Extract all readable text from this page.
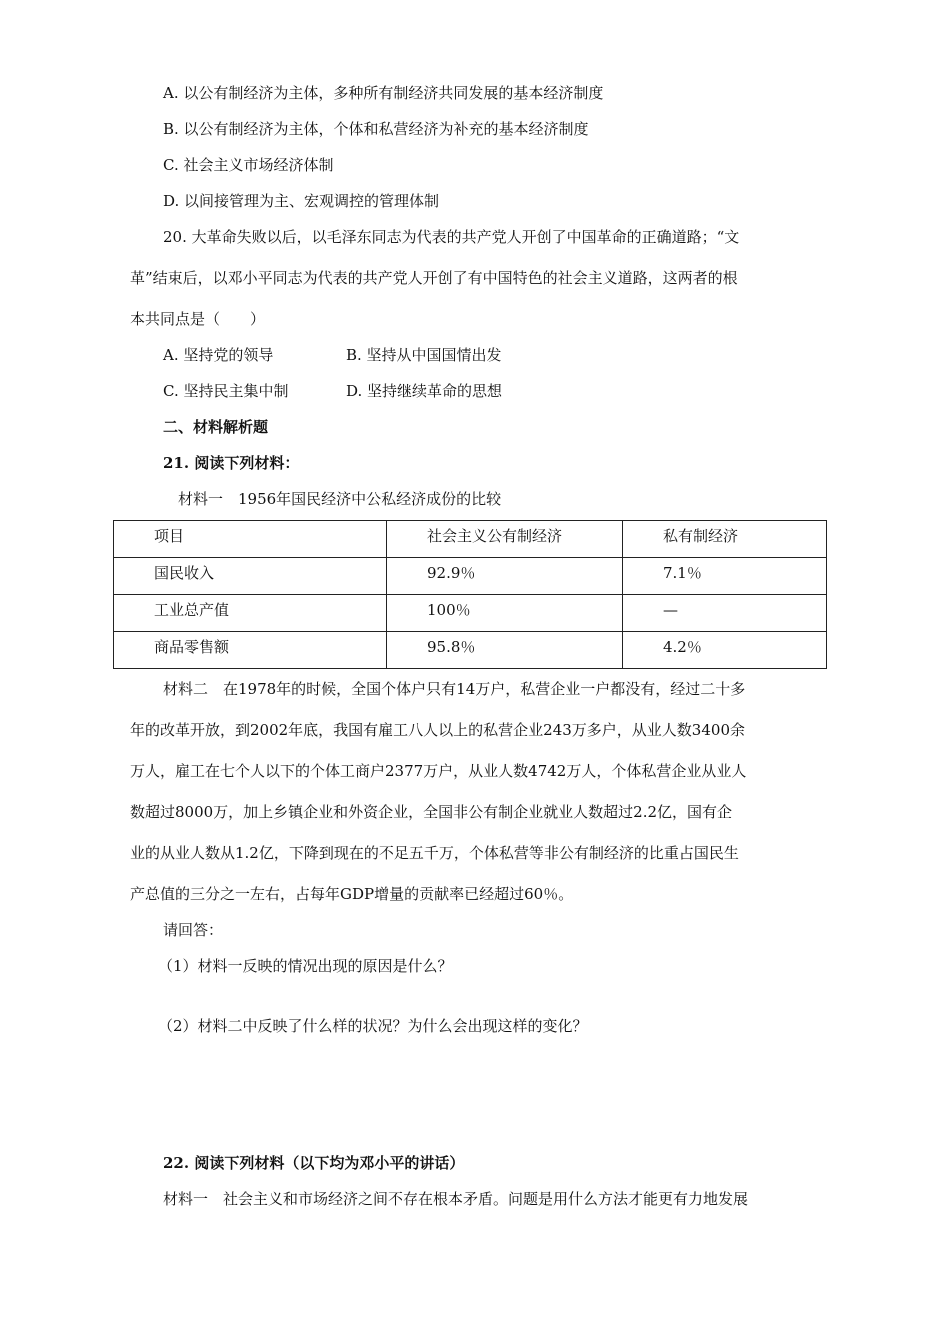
A. 以公有制经济为主体，多种所有制经济共同发展的基本经济制度
B. 以公有制经济为主体，个体和私营经济为补充的基本经济制度
C. 社会主义市场经济体制
D. 以间接管理为主、宏观调控的管理体制
20. 大革命失败以后，以毛泽东同志为代表的共产党人开创了中国革命的正确道路；“文
革”结束后，以邓小平同志为代表的共产党人开创了有中国特色的社会主义道路，这两者的根
本共同点是（　　）
A. 坚持党的领导	B. 坚持从中国国情出发
C. 坚持民主集中制	D. 坚持继续革命的思想
二、材料解析题
21. 阅读下列材料：
材料一　1956年国民经济中公私经济成份的比较
项目	社会主义公有制经济	私有制经济
国民收入	92.9％	7.1％
工业总产值	100％	—
商品零售额	95.8％	4.2％
材料二　在1978年的时候，全国个体户只有14万户，私营企业一户都没有，经过二十多
年的改革开放，到2002年底，我国有雇工八人以上的私营企业243万多户，从业人数3400余
万人，雇工在七个人以下的个体工商户2377万户，从业人数4742万人，个体私营企业从业人
数超过8000万，加上乡镇企业和外资企业，全国非公有制企业就业人数超过2.2亿，国有企
业的从业人数从1.2亿，下降到现在的不足五千万，个体私营等非公有制经济的比重占国民生
产总值的三分之一左右，占每年GDP增量的贡献率已经超过60％。
请回答：
（1）材料一反映的情况出现的原因是什么？
（2）材料二中反映了什么样的状况？为什么会出现这样的变化？
22. 阅读下列材料（以下均为邓小平的讲话）
材料一　社会主义和市场经济之间不存在根本矛盾。问题是用什么方法才能更有力地发展
